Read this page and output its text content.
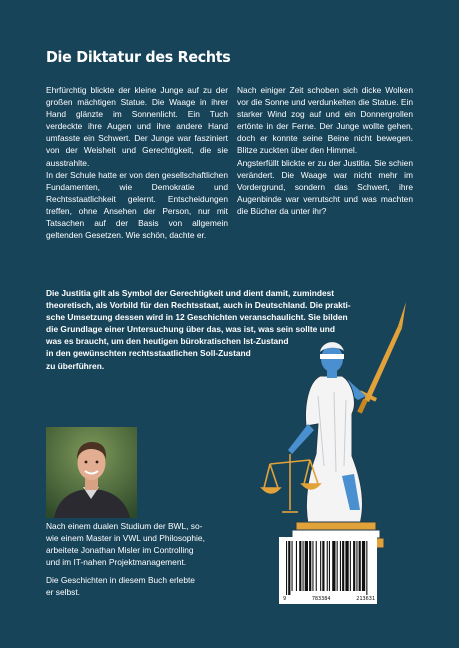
Die Diktatur des Rechts

Ehrfürchtig blickte der kleine Junge auf zu der großen mächtigen Statue. Die Waage in ihrer Hand glänzte im Sonnenlicht. Ein Tuch verdeckte ihre Augen und ihre andere Hand umfasste ein Schwert. Der Junge war fasziniert von der Weisheit und Gerechtigkeit, die sie ausstrahlte.

In der Schule hatte er von den gesellschaftlichen Fundamenten, wie Demokratie und Rechtsstaatlichkeit gelernt. Entscheidungen treffen, ohne Ansehen der Person, nur mit Tatsachen auf der Basis von allgemein geltenden Gesetzen. Wie schön, dachte er.

Nach einiger Zeit schoben sich dicke Wolken vor die Sonne und verdunkelten die Statue. Ein starker Wind zog auf und ein Donnergrollen ertönte in der Ferne. Der Junge wollte gehen, doch er konnte seine Beine nicht bewegen. Blitze zuckten über den Himmel.

Angsterfüllt blickte er zu der Justitia. Sie schien verändert. Die Waage war nicht mehr im Vordergrund, sondern das Schwert, ihre Augenbinde war verrutscht und was machten die Bücher da unter ihr?

Die Justitia gilt als Symbol der Gerechtigkeit und dient damit, zumindest
theoretisch, als Vorbild für den Rechtsstaat, auch in Deutschland. Die prakti-
sche Umsetzung dessen wird in 12 Geschichten veranschaulicht. Sie bilden
die Grundlage einer Untersuchung über das, was ist, was sein sollte und
was es braucht, um den heutigen bürokratischen Ist-Zustand
in den gewünschten rechtsstaatlichen Soll-Zustand
zu überführen.

Nach einem dualen Studium der BWL, so-
wie einem Master in VWL und Philosophie,
arbeitete Jonathan Misler im Controlling
und im IT-nahen Projektmanagement.

Die Geschichten in diesem Buch erlebte
er selbst.

9	783384	213631
